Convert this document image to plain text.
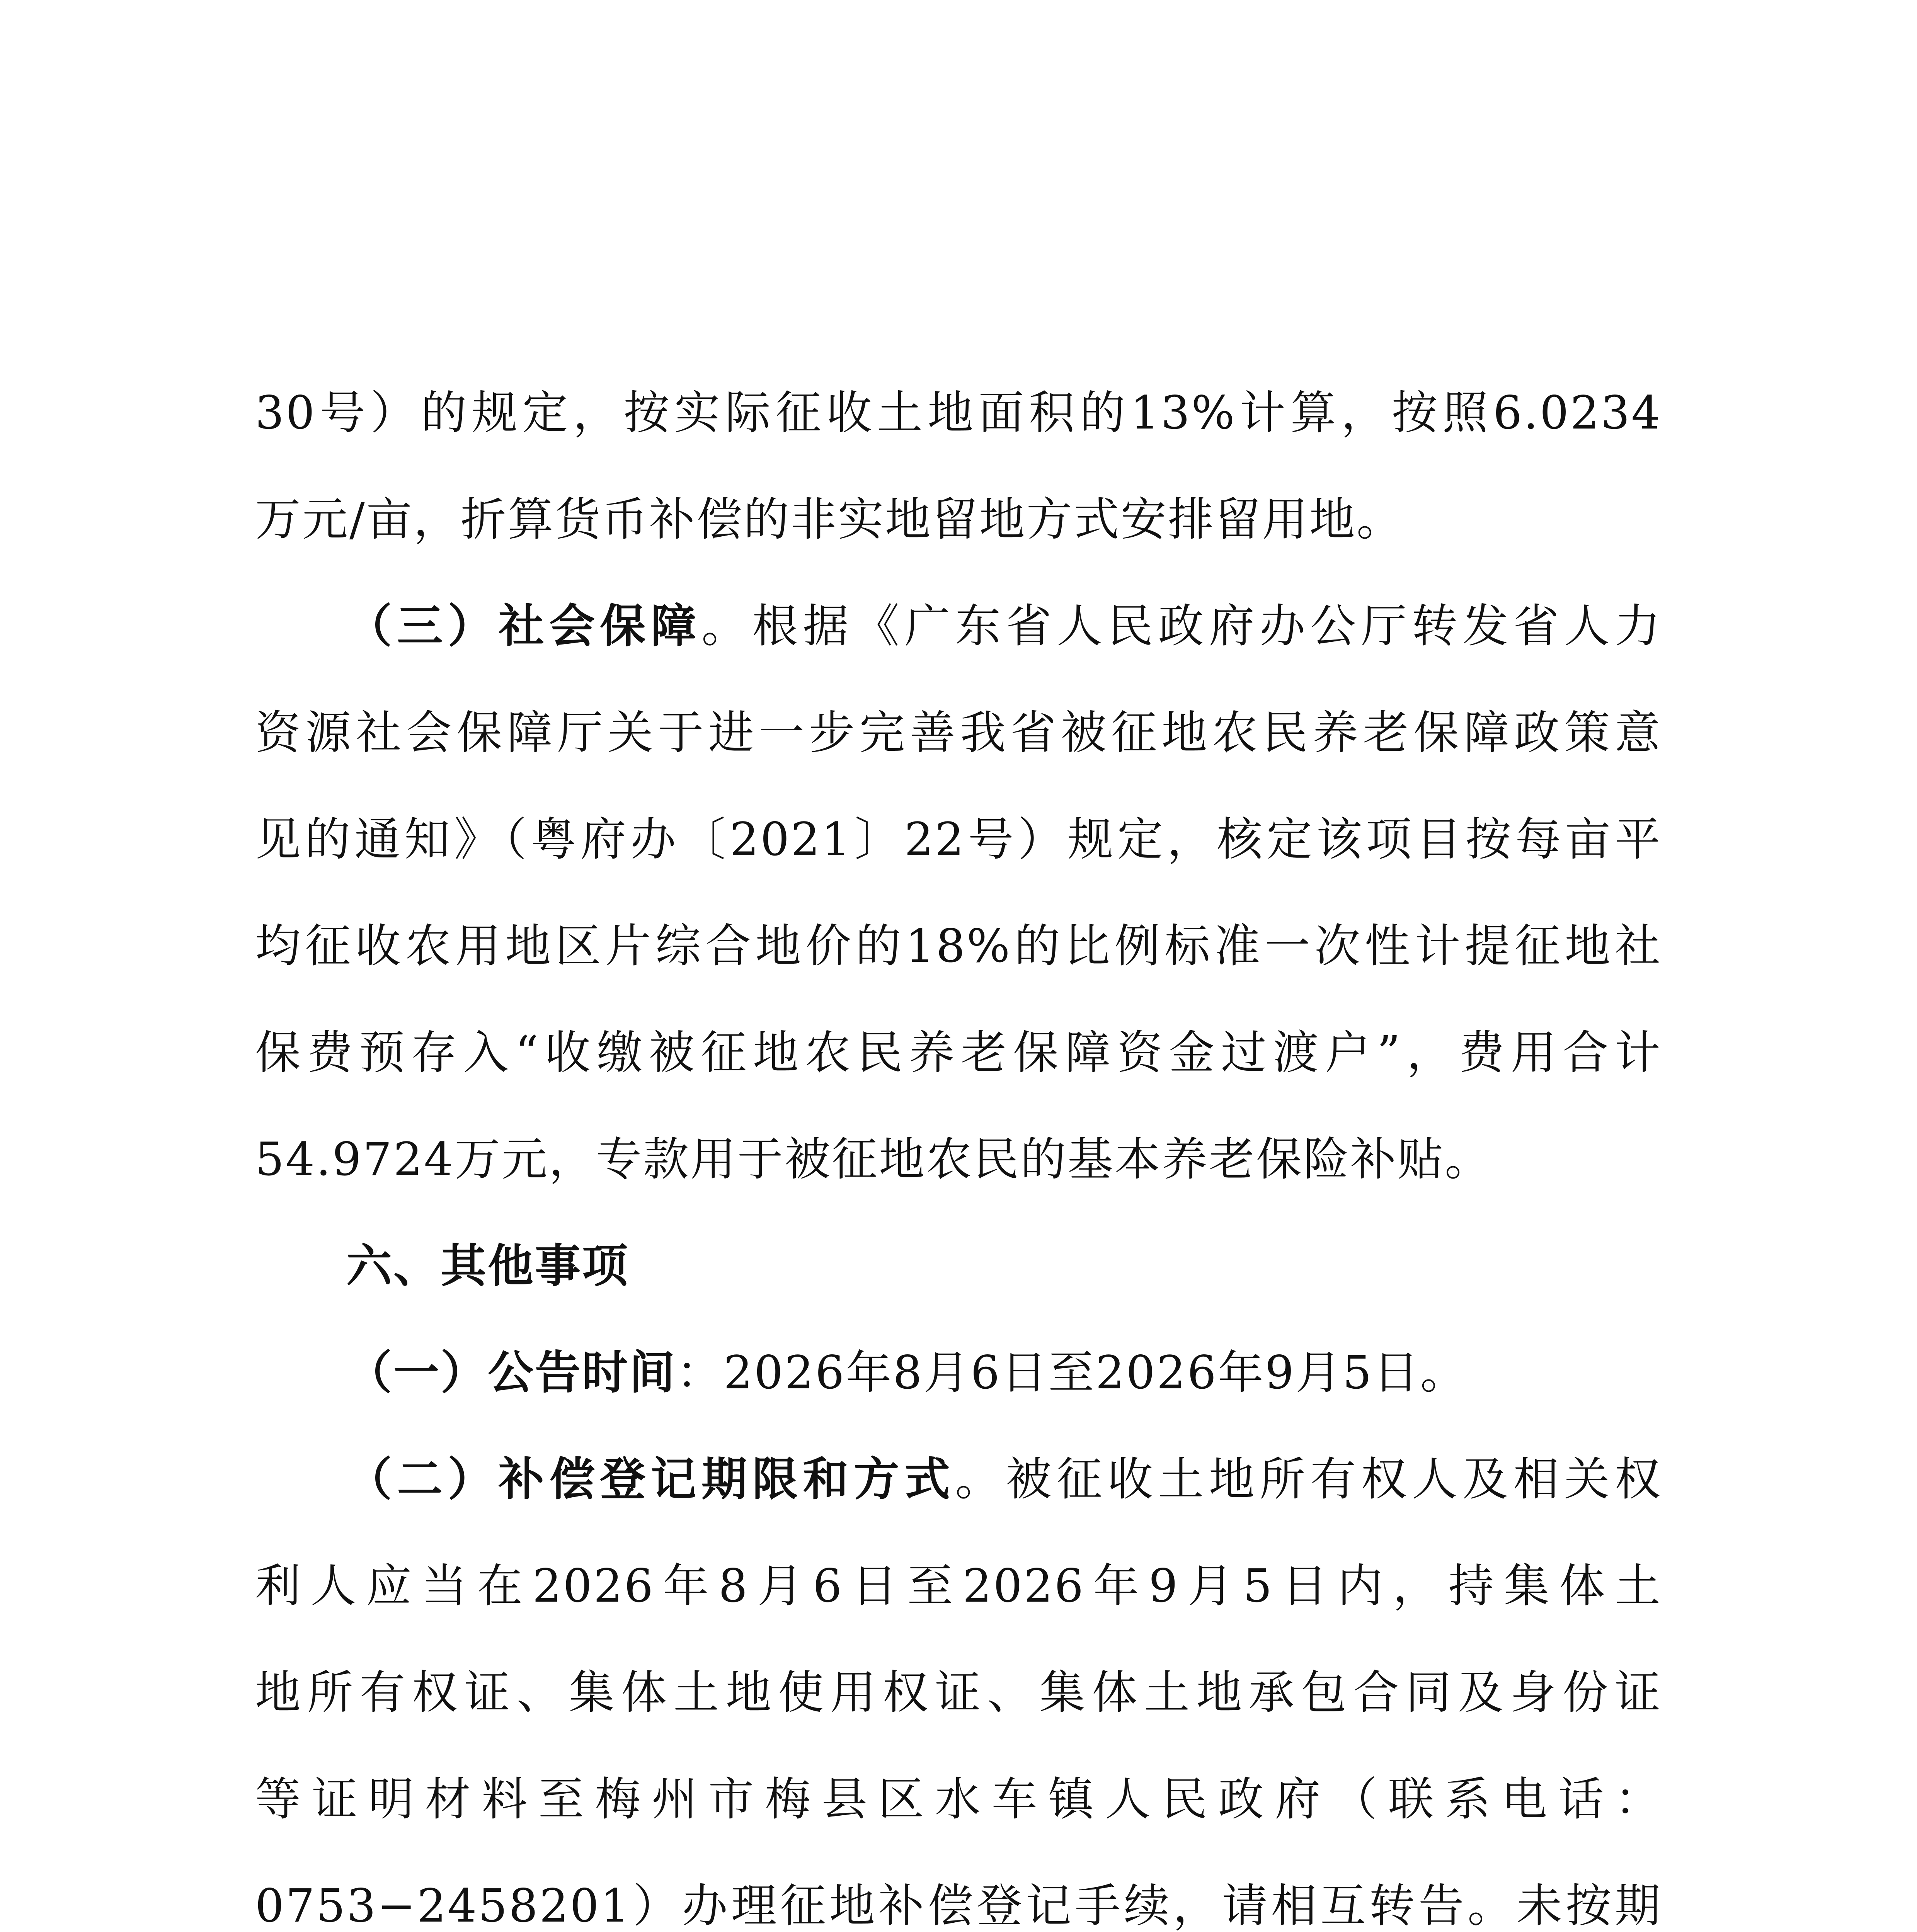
30号）的规定，按实际征收土地面积的13%计算，按照6.0234
万元/亩，折算货币补偿的非实地留地方式安排留用地。
（三）社会保障。根据《广东省人民政府办公厅转发省人力
资源社会保障厅关于进一步完善我省被征地农民养老保障政策意
见的通知》（粤府办〔2021〕22号）规定，核定该项目按每亩平
均征收农用地区片综合地价的18%的比例标准一次性计提征地社
保费预存入“收缴被征地农民养老保障资金过渡户”，费用合计
54.9724万元，专款用于被征地农民的基本养老保险补贴。
六、其他事项
（一）公告时间：2026年8月6日至2026年9月5日。
（二）补偿登记期限和方式。被征收土地所有权人及相关权
利人应当在2026年8月6日至2026年9月5日内，持集体土
地所有权证、集体土地使用权证、集体土地承包合同及身份证
等证明材料至梅州市梅县区水车镇人民政府（联系电话：
0753−2458201）办理征地补偿登记手续，请相互转告。未按期
